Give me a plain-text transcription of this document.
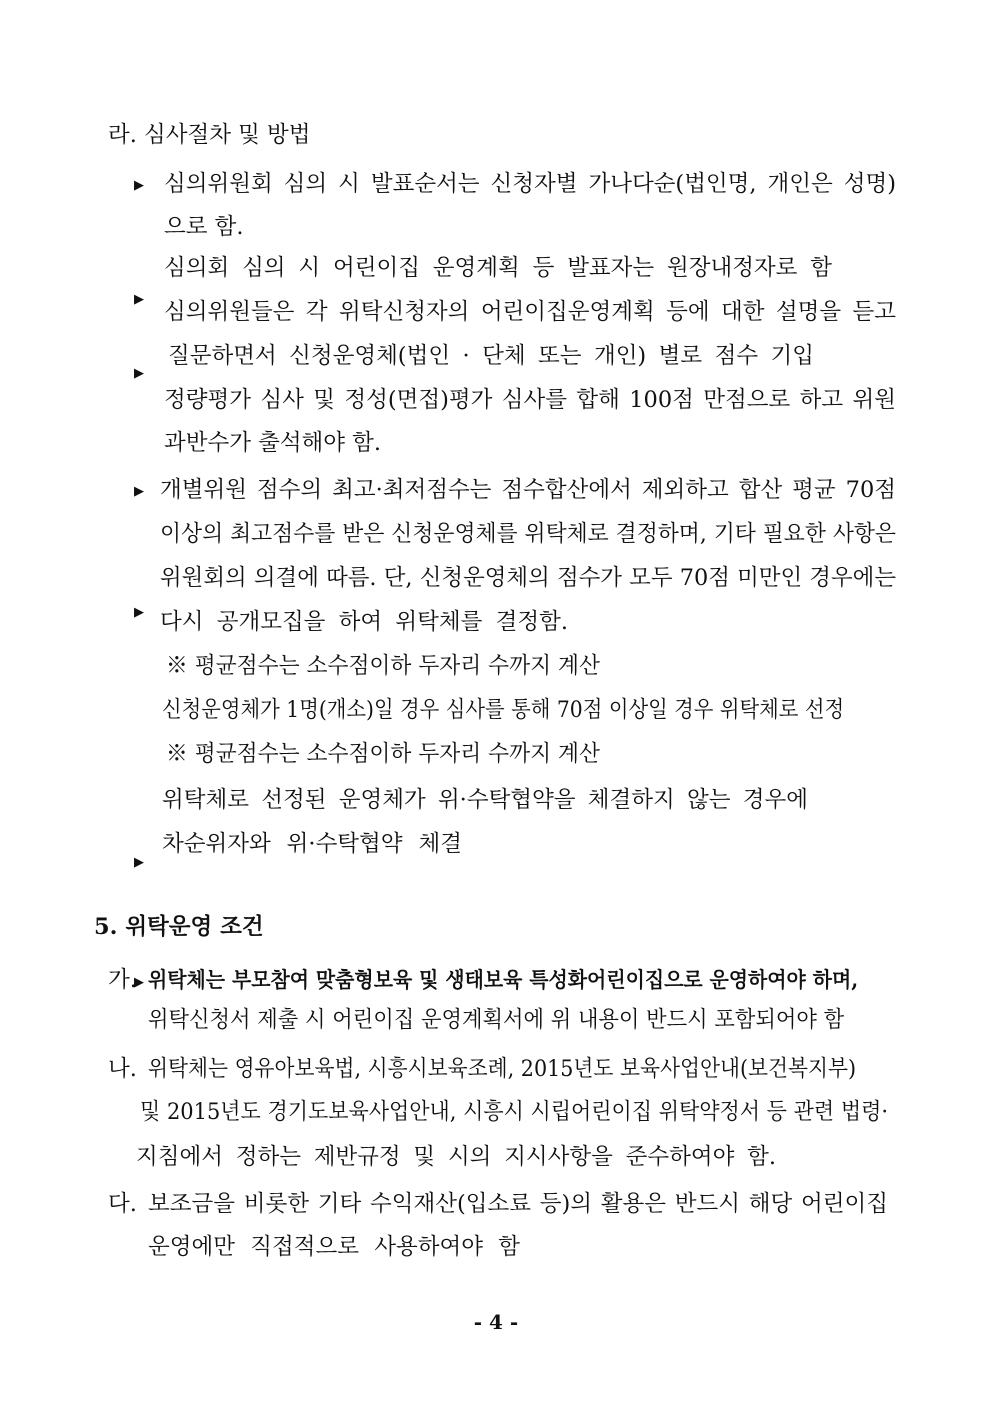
라. 심사절차 및 방법
$_▶$ 심의위원회 심의 시 발표순서는 신청자별 가나다순(법인명, 개인은 성명)
으로 함.
$_▶$
심의회 심의 시 어린이집 운영계획 등 발표자는 원장내정자로 함
$_▶$
심의위원들은 각 위탁신청자의 어린이집운영계획 등에 대한 설명을 듣고
질문하면서 신청운영체(법인 · 단체 또는 개인) 별로 점수 기입
$_▶$
정량평가 심사 및 정성(면접)평가 심사를 합해 100점 만점으로 하고 위원
과반수가 출석해야 함.
$_▶$
개별위원 점수의 최고·최저점수는 점수합산에서 제외하고 합산 평균 70점
이상의 최고점수를 받은 신청운영체를 위탁체로 결정하며, 기타 필요한 사항은
위원회의 의결에 따름. 단, 신청운영체의 점수가 모두 70점 미만인 경우에는
다시 공개모집을 하여 위탁체를 결정함.
※ 평균점수는 소수점이하 두자리 수까지 계산
$_▶$
신청운영체가 1명(개소)일 경우 심사를 통해 70점 이상일 경우 위탁체로 선정
※ 평균점수는 소수점이하 두자리 수까지 계산
$_▶$
위탁체로 선정된 운영체가 위·수탁협약을 체결하지 않는 경우에
차순위자와 위·수탁협약 체결
5. 위탁운영 조건
가. 위탁체는 부모참여 맞춤형보육 및 생태보육 특성화어린이집으로 운영하여야 하며,
위탁신청서 제출 시 어린이집 운영계획서에 위 내용이 반드시 포함되어야 함
나. 위탁체는 영유아보육법, 시흥시보육조례, 2015년도 보육사업안내(보건복지부)
및 2015년도 경기도보육사업안내, 시흥시 시립어린이집 위탁약정서 등 관련 법령·
지침에서 정하는 제반규정 및 시의 지시사항을 준수하여야 함.
다. 보조금을 비롯한 기타 수익재산(입소료 등)의 활용은 반드시 해당 어린이집
운영에만 직접적으로 사용하여야 함
- 4 -
